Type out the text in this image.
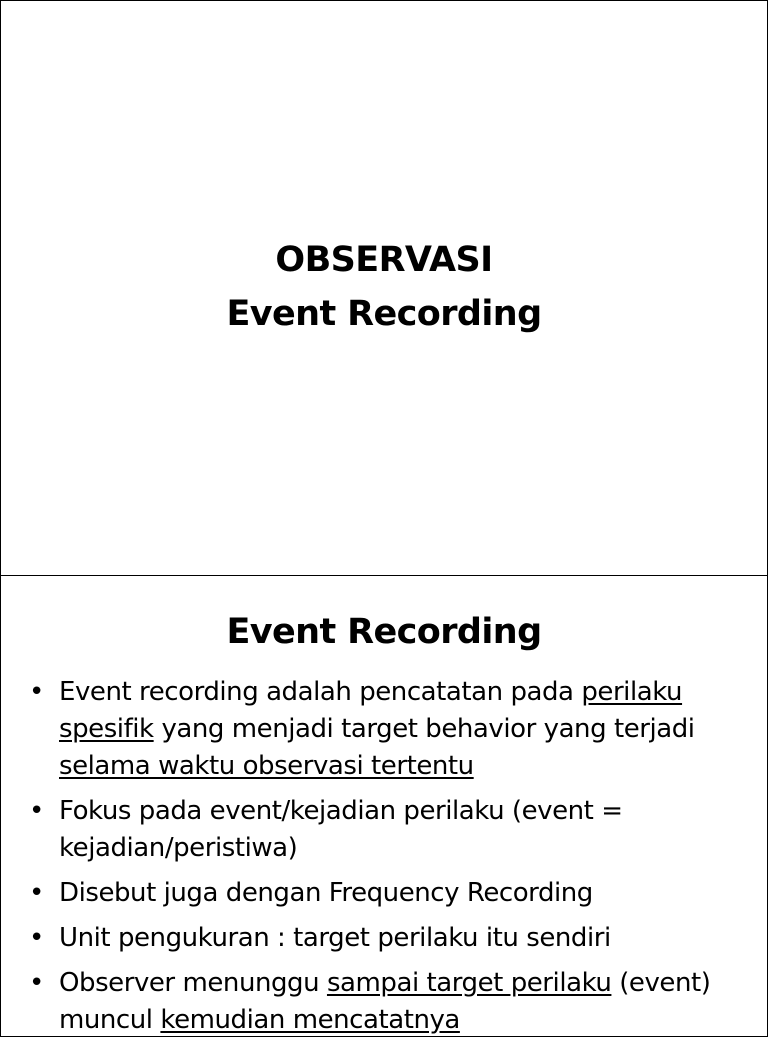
OBSERVASI
Event Recording
Event Recording
• Event recording adalah pencatatan pada perilaku spesifik yang menjadi target behavior yang terjadi selama waktu observasi tertentu
• Fokus pada event/kejadian perilaku (event = kejadian/peristiwa)
• Disebut juga dengan Frequency Recording
• Unit pengukuran : target perilaku itu sendiri
• Observer menunggu sampai target perilaku (event) muncul kemudian mencatatnya
